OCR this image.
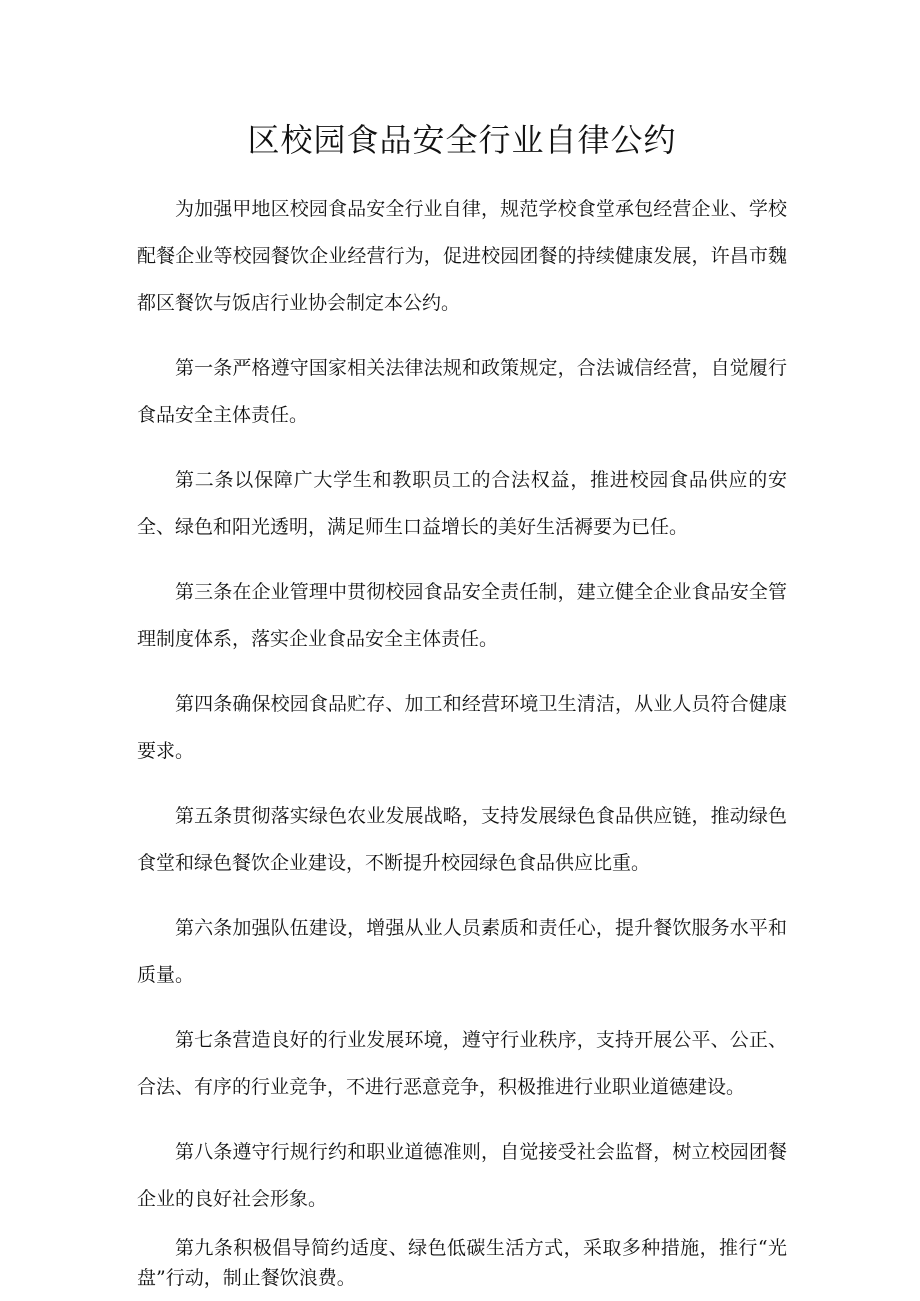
区校园食品安全行业自律公约

为加强甲地区校园食品安全行业自律，规范学校食堂承包经营企业、学校配餐企业等校园餐饮企业经营行为，促进校园团餐的持续健康发展，许昌市魏都区餐饮与饭店行业协会制定本公约。

第一条严格遵守国家相关法律法规和政策规定，合法诚信经营，自觉履行食品安全主体责任。

第二条以保障广大学生和教职员工的合法权益，推进校园食品供应的安全、绿色和阳光透明，满足师生口益增长的美好生活褥要为已任。

第三条在企业管理中贯彻校园食品安全责任制，建立健全企业食品安全管理制度体系，落实企业食品安全主体责任。

第四条确保校园食品贮存、加工和经营环境卫生清洁，从业人员符合健康要求。

第五条贯彻落实绿色农业发展战略，支持发展绿色食品供应链，推动绿色食堂和绿色餐饮企业建设，不断提升校园绿色食品供应比重。

第六条加强队伍建设，增强从业人员素质和责任心，提升餐饮服务水平和质量。

第七条营造良好的行业发展环境，遵守行业秩序，支持开展公平、公正、合法、有序的行业竞争，不进行恶意竞争，积极推进行业职业道德建设。

第八条遵守行规行约和职业道德准则，自觉接受社会监督，树立校园团餐企业的良好社会形象。

第九条积极倡导简约适度、绿色低碳生活方式，采取多种措施，推行“光盘”行动，制止餐饮浪费。
